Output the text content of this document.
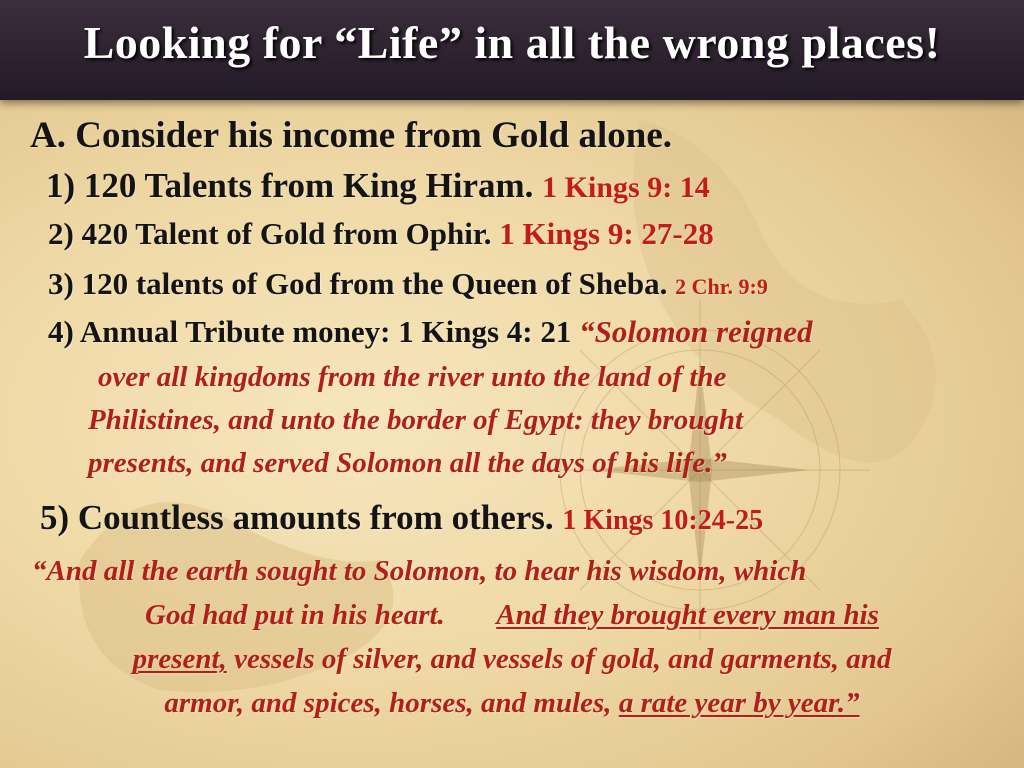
Looking for “Life” in all the wrong places!
A. Consider his income from Gold alone.
1) 120 Talents from King Hiram. 1 Kings 9: 14
2) 420 Talent of Gold from Ophir. 1 Kings 9: 27-28
3) 120 talents of God from the Queen of Sheba. 2 Chr. 9:9
4) Annual Tribute money: 1 Kings 4: 21 “Solomon reigned
over all kingdoms from the river unto the land of the
Philistines, and unto the border of Egypt: they brought
presents, and served Solomon all the days of his life.”
5) Countless amounts from others. 1 Kings 10:24-25
“And all the earth sought to Solomon, to hear his wisdom, which
God had put in his heart. And they brought every man his
present, vessels of silver, and vessels of gold, and garments, and
armor, and spices, horses, and mules, a rate year by year.”
